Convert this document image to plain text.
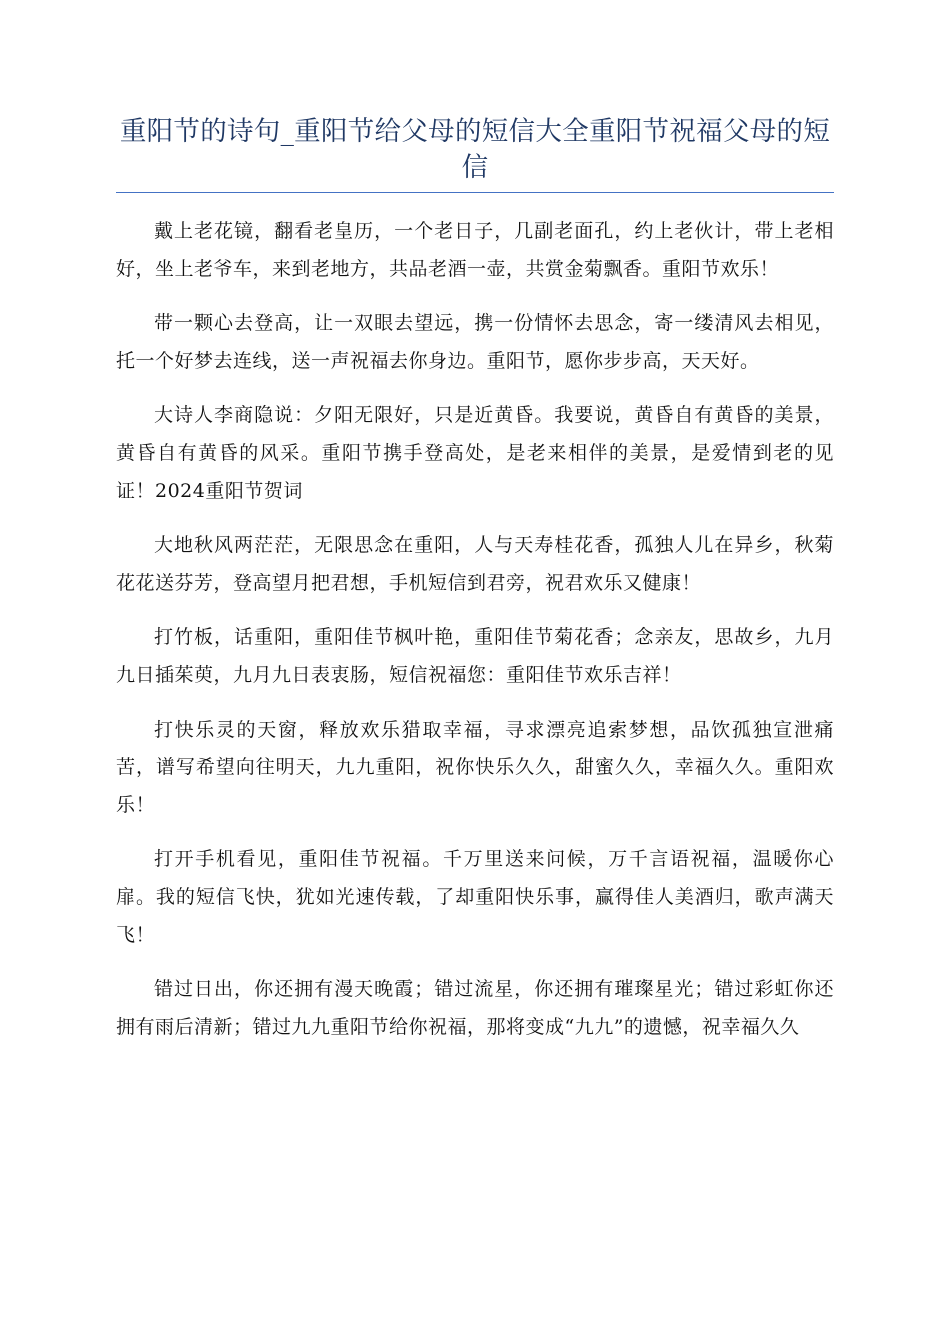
重阳节的诗句_重阳节给父母的短信大全重阳节祝福父母的短信

戴上老花镜，翻看老皇历，一个老日子，几副老面孔，约上老伙计，带上老相好，坐上老爷车，来到老地方，共品老酒一壶，共赏金菊飘香。重阳节欢乐！

带一颗心去登高，让一双眼去望远，携一份情怀去思念，寄一缕清风去相见，托一个好梦去连线，送一声祝福去你身边。重阳节，愿你步步高，天天好。

大诗人李商隐说：夕阳无限好，只是近黄昏。我要说，黄昏自有黄昏的美景，黄昏自有黄昏的风采。重阳节携手登高处，是老来相伴的美景，是爱情到老的见证！2024重阳节贺词

大地秋风两茫茫，无限思念在重阳，人与天寿桂花香，孤独人儿在异乡，秋菊花花送芬芳，登高望月把君想，手机短信到君旁，祝君欢乐又健康！

打竹板，话重阳，重阳佳节枫叶艳，重阳佳节菊花香；念亲友，思故乡，九月九日插茱萸，九月九日表衷肠，短信祝福您：重阳佳节欢乐吉祥！

打快乐灵的天窗，释放欢乐猎取幸福，寻求漂亮追索梦想，品饮孤独宣泄痛苦，谱写希望向往明天，九九重阳，祝你快乐久久，甜蜜久久，幸福久久。重阳欢乐！

打开手机看见，重阳佳节祝福。千万里送来问候，万千言语祝福，温暖你心扉。我的短信飞快，犹如光速传载，了却重阳快乐事，赢得佳人美酒归，歌声满天飞！

错过日出，你还拥有漫天晚霞；错过流星，你还拥有璀璨星光；错过彩虹你还拥有雨后清新；错过九九重阳节给你祝福，那将变成“九九”的遗憾，祝幸福久久
